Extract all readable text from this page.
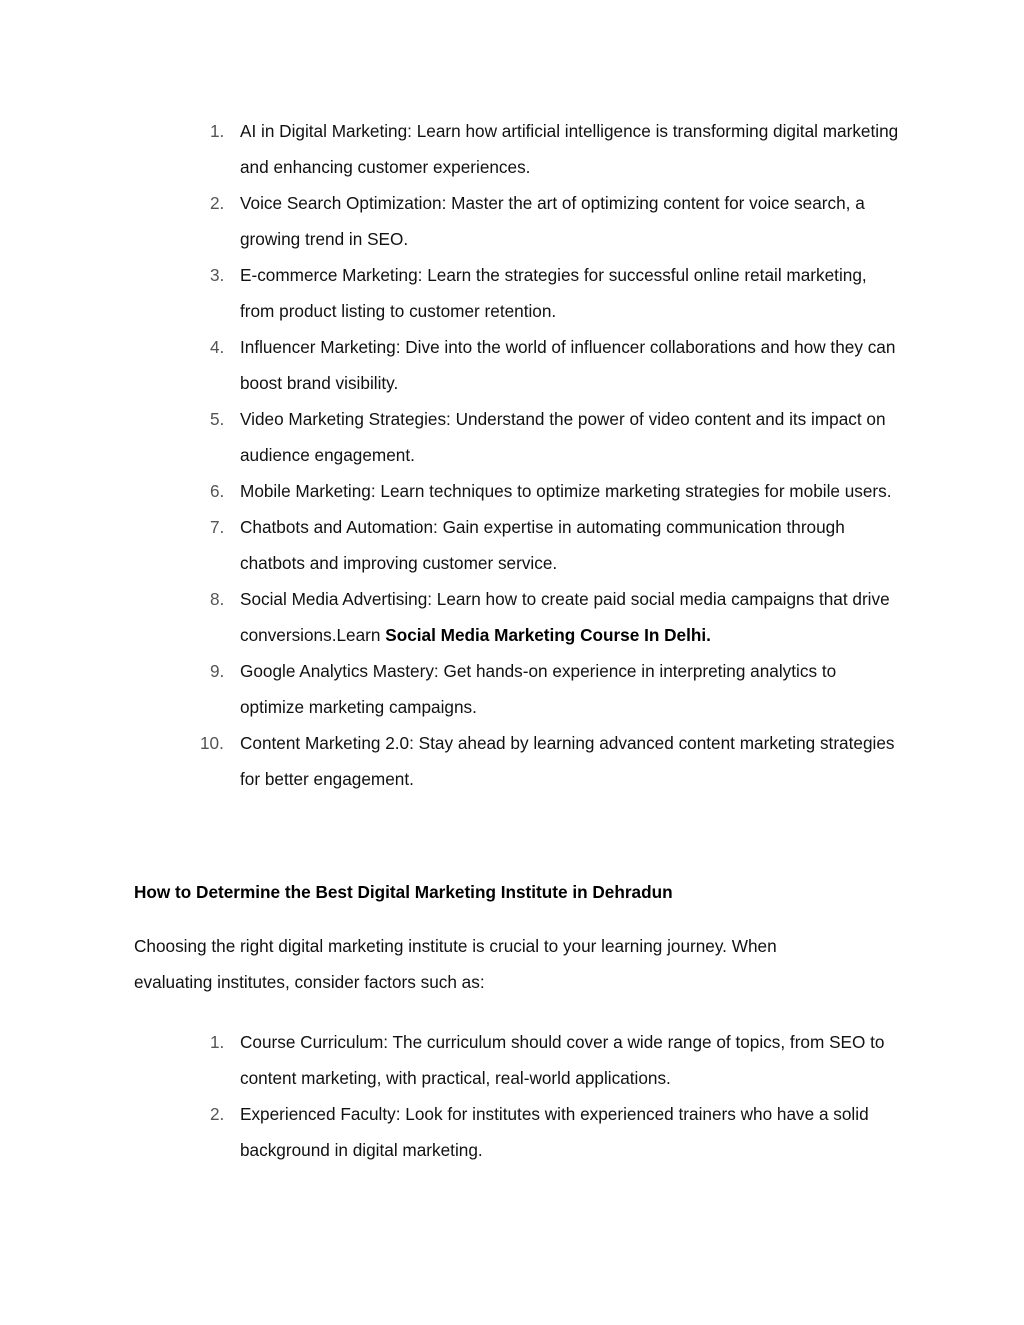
1. AI in Digital Marketing: Learn how artificial intelligence is transforming digital marketing and enhancing customer experiences.
2. Voice Search Optimization: Master the art of optimizing content for voice search, a growing trend in SEO.
3. E-commerce Marketing: Learn the strategies for successful online retail marketing, from product listing to customer retention.
4. Influencer Marketing: Dive into the world of influencer collaborations and how they can boost brand visibility.
5. Video Marketing Strategies: Understand the power of video content and its impact on audience engagement.
6. Mobile Marketing: Learn techniques to optimize marketing strategies for mobile users.
7. Chatbots and Automation: Gain expertise in automating communication through chatbots and improving customer service.
8. Social Media Advertising: Learn how to create paid social media campaigns that drive conversions.Learn Social Media Marketing Course In Delhi.
9. Google Analytics Mastery: Get hands-on experience in interpreting analytics to optimize marketing campaigns.
10. Content Marketing 2.0: Stay ahead by learning advanced content marketing strategies for better engagement.
How to Determine the Best Digital Marketing Institute in Dehradun

Choosing the right digital marketing institute is crucial to your learning journey. When evaluating institutes, consider factors such as:

1. Course Curriculum: The curriculum should cover a wide range of topics, from SEO to content marketing, with practical, real-world applications.
2. Experienced Faculty: Look for institutes with experienced trainers who have a solid background in digital marketing.
